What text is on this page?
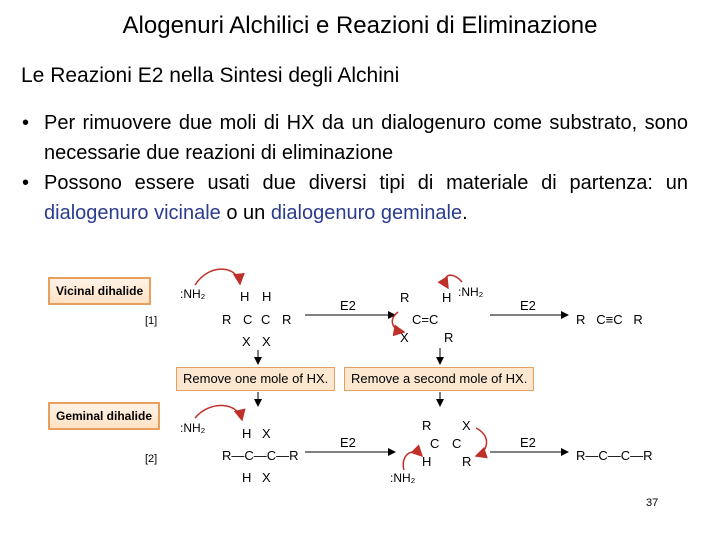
Alogenuri Alchilici e Reazioni di Eliminazione
Le Reazioni E2 nella Sintesi degli Alchini
• Per rimuovere due moli di HX da un dialogenuro come substrato, sono necessarie due reazioni di eliminazione
• Possono essere usati due diversi tipi di materiale di partenza: un dialogenuro vicinale o un dialogenuro geminale.
Vicinal dihalide
Geminal dihalide
Remove one mole of HX.	Remove a second mole of HX.
[1]
:NH₂	H H
R C C R
X X
E2
R	H :NH₂
C=C
X	R
E2
R   C≡C   R
[2]
:NH₂	H X
R—C—C—R
H X
E2
R X
C C
H R
:NH₂
E2
R—C—C—R
37
